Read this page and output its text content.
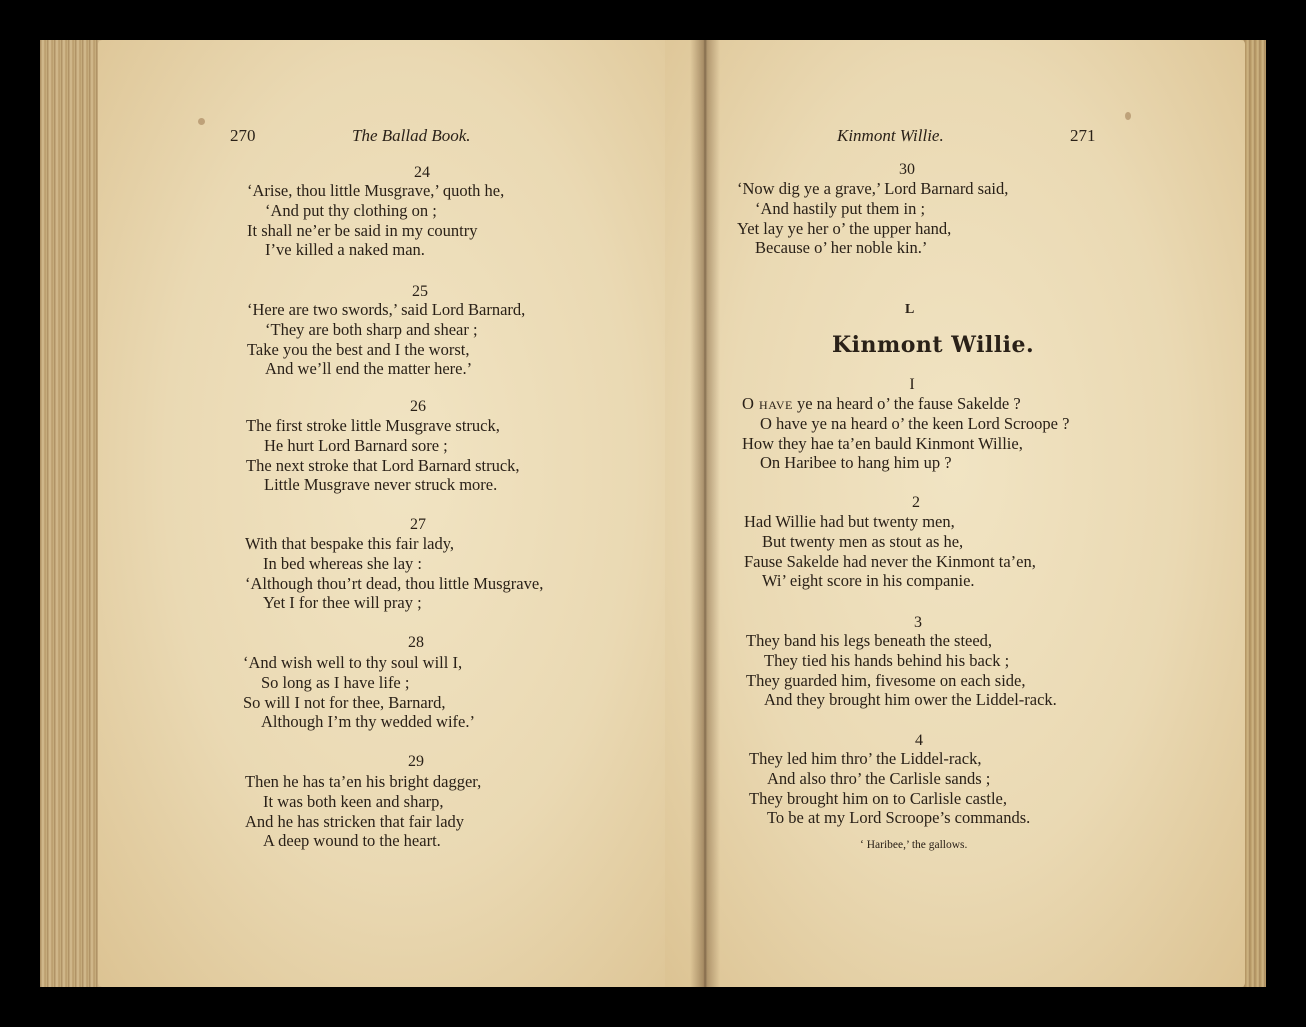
270	The Ballad Book.
24
‘Arise, thou little Musgrave,’ quoth he,
‘And put thy clothing on ;
It shall ne’er be said in my country
I’ve killed a naked man.
25
‘Here are two swords,’ said Lord Barnard,
‘They are both sharp and shear ;
Take you the best and I the worst,
And we’ll end the matter here.’
26
The first stroke little Musgrave struck,
He hurt Lord Barnard sore ;
The next stroke that Lord Barnard struck,
Little Musgrave never struck more.
27
With that bespake this fair lady,
In bed whereas she lay :
‘Although thou’rt dead, thou little Musgrave,
Yet I for thee will pray ;
28
‘And wish well to thy soul will I,
So long as I have life ;
So will I not for thee, Barnard,
Although I’m thy wedded wife.’
29
Then he has ta’en his bright dagger,
It was both keen and sharp,
And he has stricken that fair lady
A deep wound to the heart.
Kinmont Willie.	271
30
‘Now dig ye a grave,’ Lord Barnard said,
‘And hastily put them in ;
Yet lay ye her o’ the upper hand,
Because o’ her noble kin.’
L
Kinmont Willie.
I
O have ye na heard o’ the fause Sakelde ?
O have ye na heard o’ the keen Lord Scroope ?
How they hae ta’en bauld Kinmont Willie,
On Haribee to hang him up ?
2
Had Willie had but twenty men,
But twenty men as stout as he,
Fause Sakelde had never the Kinmont ta’en,
Wi’ eight score in his companie.
3
They band his legs beneath the steed,
They tied his hands behind his back ;
They guarded him, fivesome on each side,
And they brought him ower the Liddel-rack.
4
They led him thro’ the Liddel-rack,
And also thro’ the Carlisle sands ;
They brought him on to Carlisle castle,
To be at my Lord Scroope’s commands.
‘ Haribee,’ the gallows.
